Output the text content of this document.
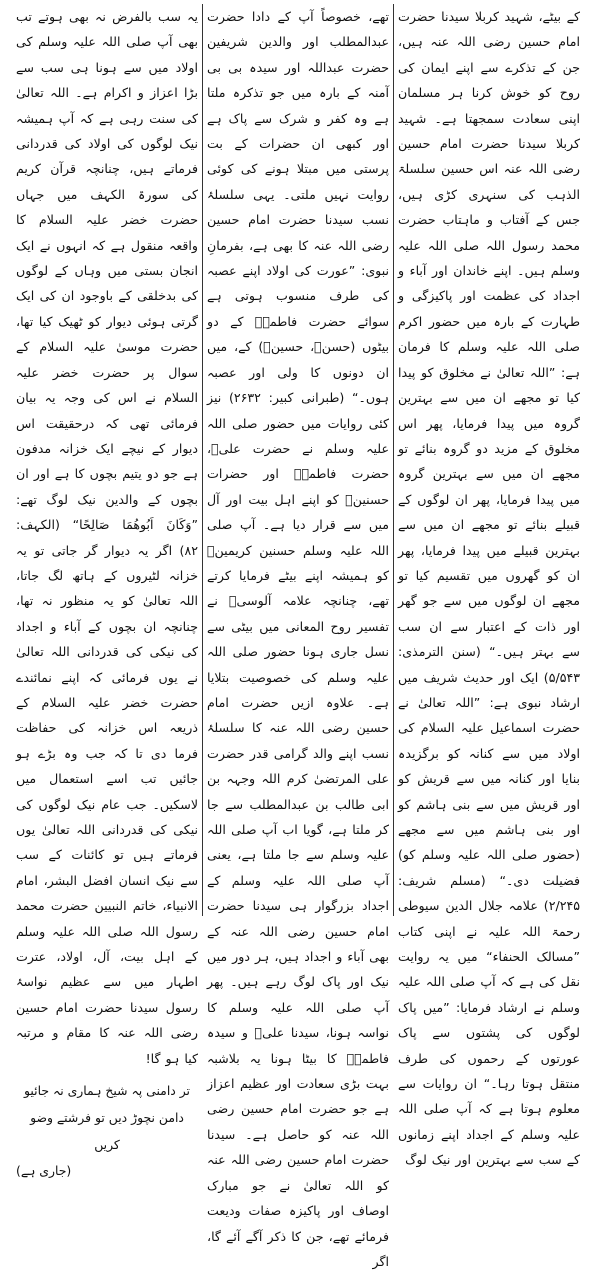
کے بیٹے، شہید کربلا سیدنا حضرت امام حسین رضی اللہ عنہ ہیں، جن کے تذکرے سے اپنے ایمان کی روح کو خوش کرنا ہر مسلمان اپنی سعادت سمجھتا ہے۔ شہید کربلا سیدنا حضرت امام حسین رضی اللہ عنہ اس حسین سلسلۃ الذہب کی سنہری کڑی ہیں، جس کے آفتاب و ماہتاب حضرت محمد رسول اللہ صلی اللہ علیہ وسلم ہیں۔ اپنے خاندان اور آباء و اجداد کی عظمت اور پاکیزگی و طہارت کے بارہ میں حضور اکرم صلی اللہ علیہ وسلم کا فرمان ہے: ”اللہ تعالیٰ نے مخلوق کو پیدا کیا تو مجھے ان میں سے بہترین گروہ میں پیدا فرمایا، پھر اس مخلوق کے مزید دو گروہ بنائے تو مجھے ان میں سے بہترین گروہ میں پیدا فرمایا، پھر ان لوگوں کے قبیلے بنائے تو مجھے ان میں سے بہترین قبیلے میں پیدا فرمایا، پھر ان کو گھروں میں تقسیم کیا تو مجھے ان لوگوں میں سے جو گھر اور ذات کے اعتبار سے ان سب سے بہتر ہیں۔“ (سنن الترمذی: ۵/۵۴۳) ایک اور حدیث شریف میں ارشاد نبوی ہے: ”اللہ تعالیٰ نے حضرت اسماعیل علیہ السلام کی اولاد میں سے کنانہ کو برگزیدہ بنایا اور کنانہ میں سے قریش کو اور قریش میں سے بنی ہاشم کو اور بنی ہاشم میں سے مجھے (حضور صلی اللہ علیہ وسلم کو) فضیلت دی۔“ (مسلم شریف: ۲/۲۴۵) علامہ جلال الدین سیوطی رحمۃ اللہ علیہ نے اپنی کتاب ”مسالک الحنفاء“ میں یہ روایت نقل کی ہے کہ آپ صلی اللہ علیہ وسلم نے ارشاد فرمایا: ”میں پاک لوگوں کی پشتوں سے پاک عورتوں کے رحموں کی طرف منتقل ہوتا رہا۔“ ان روایات سے معلوم ہوتا ہے کہ آپ صلی اللہ علیہ وسلم کے اجداد اپنے زمانوں کے سب سے بہترین اور نیک لوگ

تھے، خصوصاً آپ کے دادا حضرت عبدالمطلب اور والدین شریفین حضرت عبداللہ اور سیدہ بی بی آمنہ کے بارہ میں جو تذکرہ ملتا ہے وہ کفر و شرک سے پاک ہے اور کبھی ان حضرات کے بت پرستی میں مبتلا ہونے کی کوئی روایت نہیں ملتی۔ یہی سلسلۂ نسب سیدنا حضرت امام حسین رضی اللہ عنہ کا بھی ہے، بفرمانِ نبوی: ”عورت کی اولاد اپنے عصبہ کی طرف منسوب ہوتی ہے سوائے حضرت فاطمہؓ کے دو بیٹوں (حسنؓ، حسینؓ) کے، میں ان دونوں کا ولی اور عصبہ ہوں۔“ (طبرانی کبیر: ۲۶۳۲) نیز کئی روایات میں حضور صلی اللہ علیہ وسلم نے حضرت علیؓ، حضرت فاطمہؓ اور حضرات حسنینؓ کو اپنے اہل بیت اور آل میں سے قرار دیا ہے۔ آپ صلی اللہ علیہ وسلم حسنین کریمینؓ کو ہمیشہ اپنے بیٹے فرمایا کرتے تھے، چنانچہ علامہ آلوسیؒ نے تفسیر روح المعانی میں بیٹی سے نسل جاری ہونا حضور صلی اللہ علیہ وسلم کی خصوصیت بتلایا ہے۔ علاوہ ازیں حضرت امام حسین رضی اللہ عنہ کا سلسلۂ نسب اپنے والد گرامی قدر حضرت علی المرتضیٰ کرم اللہ وجہہ بن ابی طالب بن عبدالمطلب سے جا کر ملتا ہے، گویا اب آپ صلی اللہ علیہ وسلم سے جا ملتا ہے، یعنی آپ صلی اللہ علیہ وسلم کے اجداد بزرگوار ہی سیدنا حضرت امام حسین رضی اللہ عنہ کے بھی آباء و اجداد ہیں، ہر دور میں نیک اور پاک لوگ رہے ہیں۔ پھر آپ صلی اللہ علیہ وسلم کا نواسہ ہونا، سیدنا علیؓ و سیدہ فاطمہؓ کا بیٹا ہونا یہ بلاشبہ بہت بڑی سعادت اور عظیم اعزاز ہے جو حضرت امام حسین رضی اللہ عنہ کو حاصل ہے۔ سیدنا حضرت امام حسین رضی اللہ عنہ کو اللہ تعالیٰ نے جو مبارک اوصاف اور پاکیزہ صفات ودیعت فرمائے تھے، جن کا ذکر آگے آئے گا، اگر

یہ سب بالفرض نہ بھی ہوتے تب بھی آپ صلی اللہ علیہ وسلم کی اولاد میں سے ہونا ہی سب سے بڑا اعزاز و اکرام ہے۔ اللہ تعالیٰ کی سنت رہی ہے کہ آپ ہمیشہ نیک لوگوں کی اولاد کی قدردانی فرماتے ہیں، چنانچہ قرآن کریم کی سورۃ الکہف میں جہاں حضرت خضر علیہ السلام کا واقعہ منقول ہے کہ انہوں نے ایک انجان بستی میں وہاں کے لوگوں کی بدخلقی کے باوجود ان کی ایک گرتی ہوئی دیوار کو ٹھیک کیا تھا، حضرت موسیٰ علیہ السلام کے سوال پر حضرت خضر علیہ السلام نے اس کی وجہ یہ بیان فرمائی تھی کہ درحقیقت اس دیوار کے نیچے ایک خزانہ مدفون ہے جو دو یتیم بچوں کا ہے اور ان بچوں کے والدین نیک لوگ تھے: ”وَكَانَ اَبُوهُمَا صَالِحًا“ (الکہف: ۸۲) اگر یہ دیوار گر جاتی تو یہ خزانہ لٹیروں کے ہاتھ لگ جاتا، اللہ تعالیٰ کو یہ منظور نہ تھا، چنانچہ ان بچوں کے آباء و اجداد کی نیکی کی قدردانی اللہ تعالیٰ نے یوں فرمائی کہ اپنے نمائندے حضرت خضر علیہ السلام کے ذریعہ اس خزانہ کی حفاظت فرما دی تا کہ جب وہ بڑے ہو جائیں تب اسے استعمال میں لاسکیں۔ جب عام نیک لوگوں کی نیکی کی قدردانی اللہ تعالیٰ یوں فرماتے ہیں تو کائنات کے سب سے نیک انسان افضل البشر، امام الانبیاء، خاتم النبیین حضرت محمد رسول اللہ صلی اللہ علیہ وسلم کے اہل بیت، آل، اولاد، عترت اطہار میں سے عظیم نواسۂ رسول سیدنا حضرت امام حسین رضی اللہ عنہ کا مقام و مرتبہ کیا ہو گا!

تر دامنی پہ شیخ ہماری نہ جائیو
دامن نچوڑ دیں تو فرشتے وضو کریں
(جاری ہے)
